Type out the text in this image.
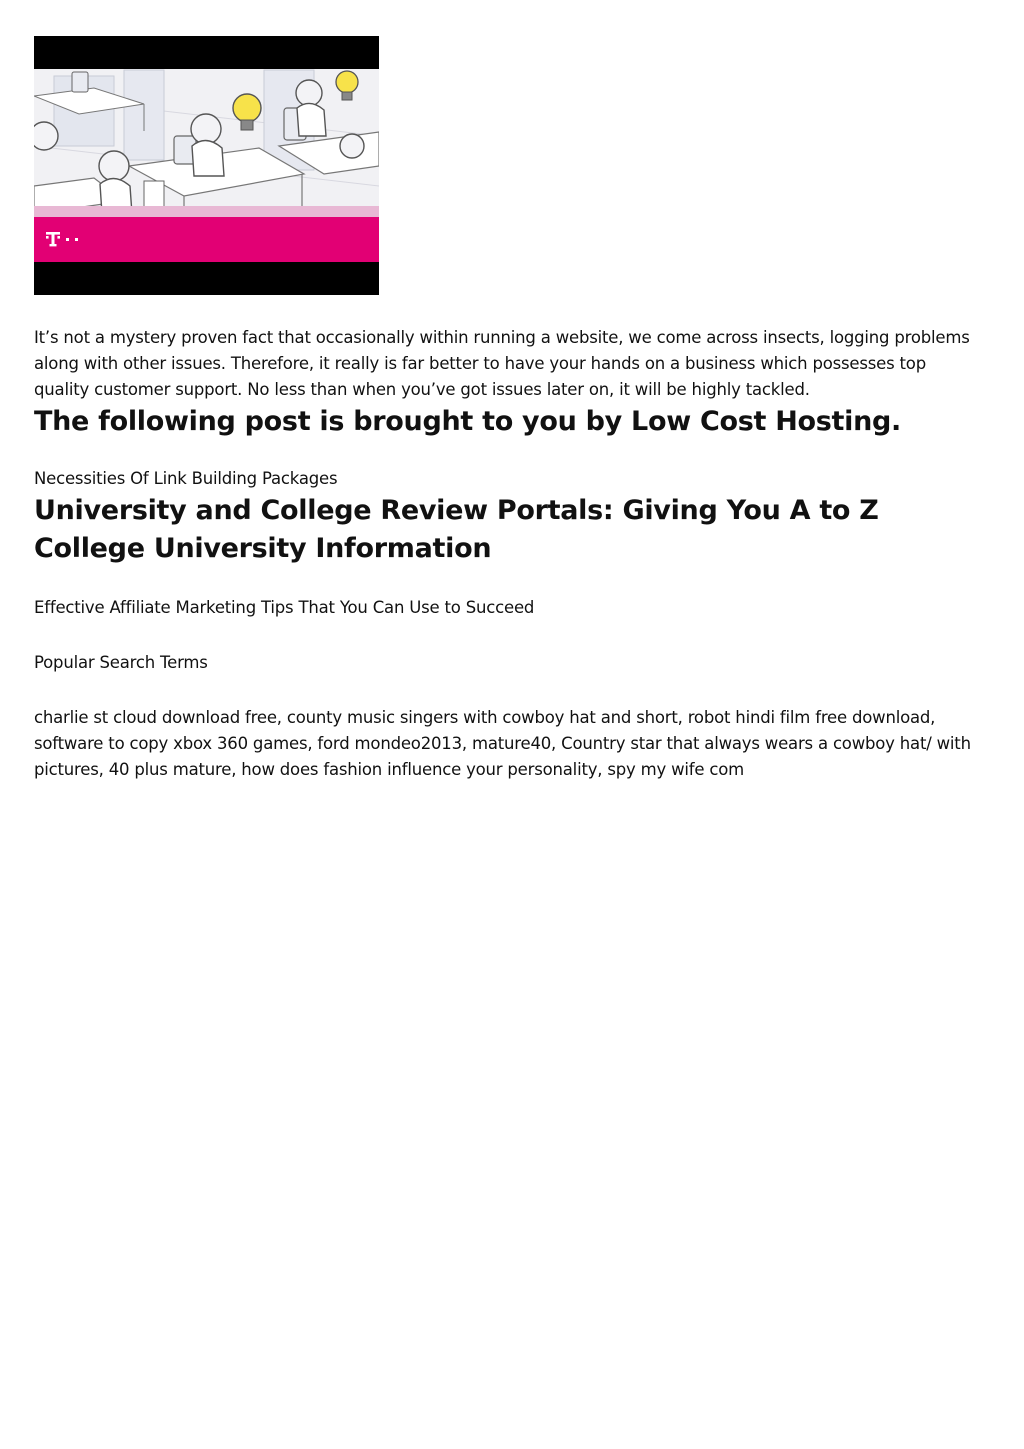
It’s not a mystery proven fact that occasionally within running a website, we come across insects, logging problems along with other issues. Therefore, it really is far better to have your hands on a business which possesses top quality customer support. No less than when you’ve got issues later on, it will be highly tackled.

The following post is brought to you by Low Cost Hosting.

Necessities Of Link Building Packages

University and College Review Portals: Giving You A to Z College University Information

Effective Affiliate Marketing Tips That You Can Use to Succeed

Popular Search Terms

charlie st cloud download free, county music singers with cowboy hat and short, robot hindi film free download, software to copy xbox 360 games, ford mondeo2013, mature40, Country star that always wears a cowboy hat/ with pictures, 40 plus mature, how does fashion influence your personality, spy my wife com
